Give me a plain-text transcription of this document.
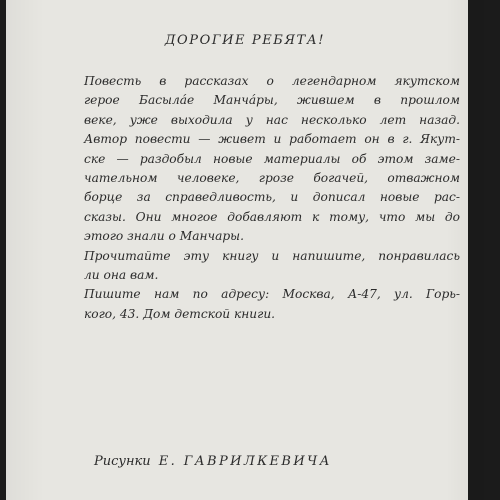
ДОРОГИЕ РЕБЯТА!

Повесть в рассказах о легендарном якутском
герое Басылáе Манчáры, жившем в прошлом
веке, уже выходила у нас несколько лет назад.
Автор повести — живет и работает он в г. Якут-
ске — раздобыл новые материалы об этом заме-
чательном человеке, грозе богачей, отважном
борце за справедливость, и дописал новые рас-
сказы. Они многое добавляют к тому, что мы до
этого знали о Манчары.

Прочитайте эту книгу и напишите, понравилась
ли она вам.

Пишите нам по адресу: Москва, А-47, ул. Горь-
кого, 43. Дом детской книги.

Рисунки Е. ГАВРИЛКЕВИЧА
